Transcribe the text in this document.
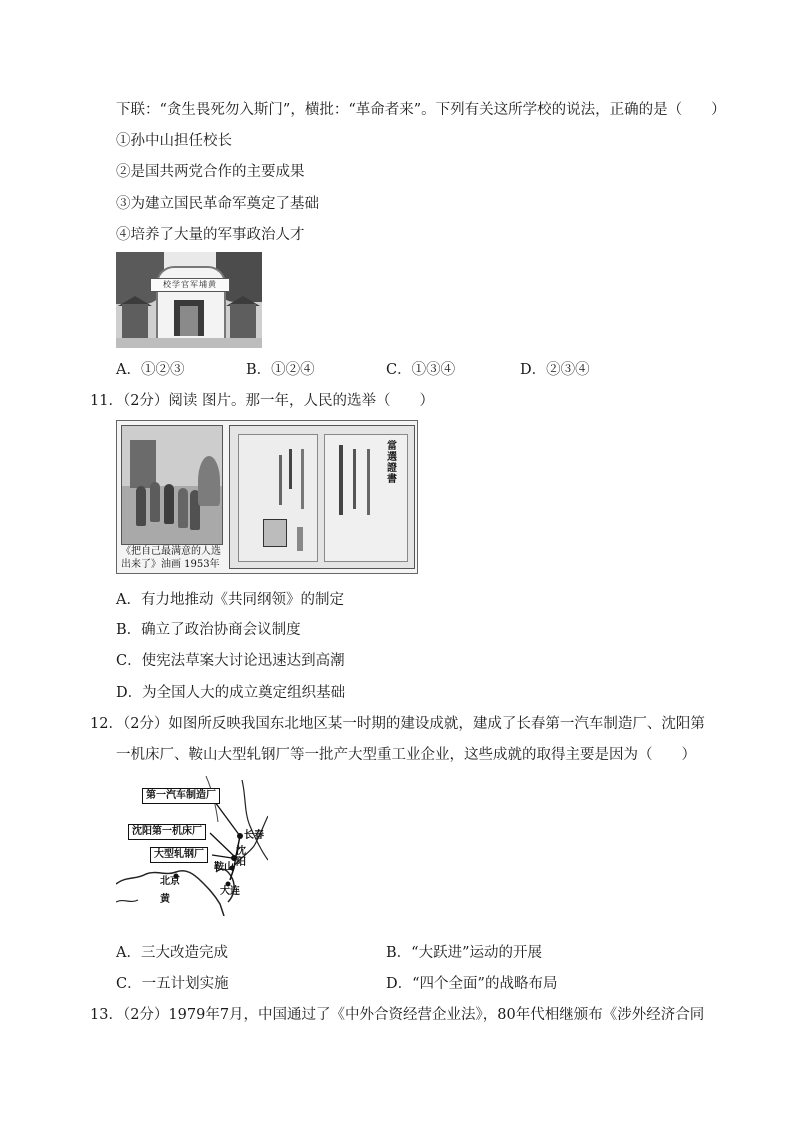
下联：“贪生畏死勿入斯门”，横批：“革命者来”。下列有关这所学校的说法，正确的是（　　）
①孙中山担任校长
②是国共两党合作的主要成果
③为建立国民革命军奠定了基础
④培养了大量的军事政治人才
校学官军埔黄
A．①②③	B．①②④	C．①③④	D．②③④
11．（2分）阅读 图片。那一年，人民的选举（　　）
《把自己最满意的人选出来了》油画 1953年
當選證書
A．有力地推动《共同纲领》的制定
B．确立了政治协商会议制度
C．使宪法草案大讨论迅速达到高潮
D．为全国人大的成立奠定组织基础
12．（2分）如图所反映我国东北地区某一时期的建设成就，建成了长春第一汽车制造厂、沈阳第
一机床厂、鞍山大型轧钢厂等一批产大型重工业企业，这些成就的取得主要是因为（　　）
第一汽车制造厂
沈阳第一机床厂
大型轧钢厂
长春
沈阳
鞍山
北京
大连
黄
A．三大改造完成	B．“大跃进”运动的开展
C．一五计划实施	D．“四个全面”的战略布局
13．（2分）1979年7月，中国通过了《中外合资经营企业法》，80年代相继颁布《涉外经济合同
